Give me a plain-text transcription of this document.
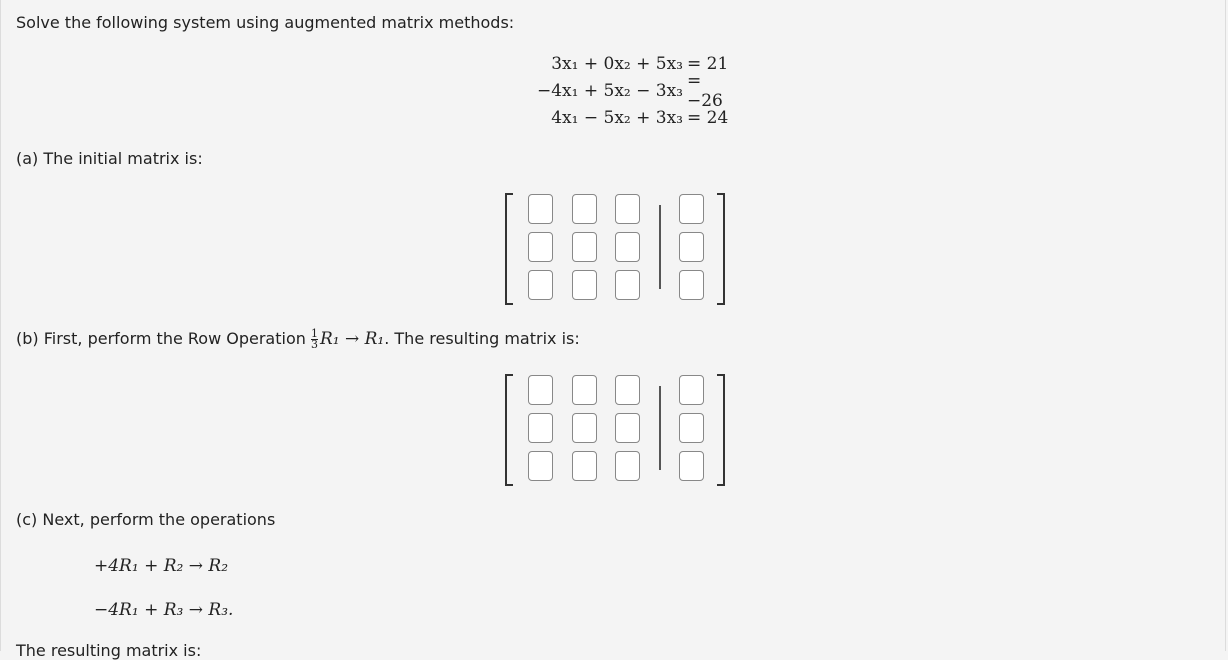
Solve the following system using augmented matrix methods:
3x₁ + 0x₂ + 5x₃ = 21
−4x₁ + 5x₂ − 3x₃ = −26
4x₁ − 5x₂ + 3x₃ = 24
(a) The initial matrix is:
(b) First, perform the Row Operation $\frac{1}{3} R_1 \to R_1$. The resulting matrix is:
(c) Next, perform the operations
+4R₁ + R₂ → R₂
−4R₁ + R₃ → R₃.
The resulting matrix is:
